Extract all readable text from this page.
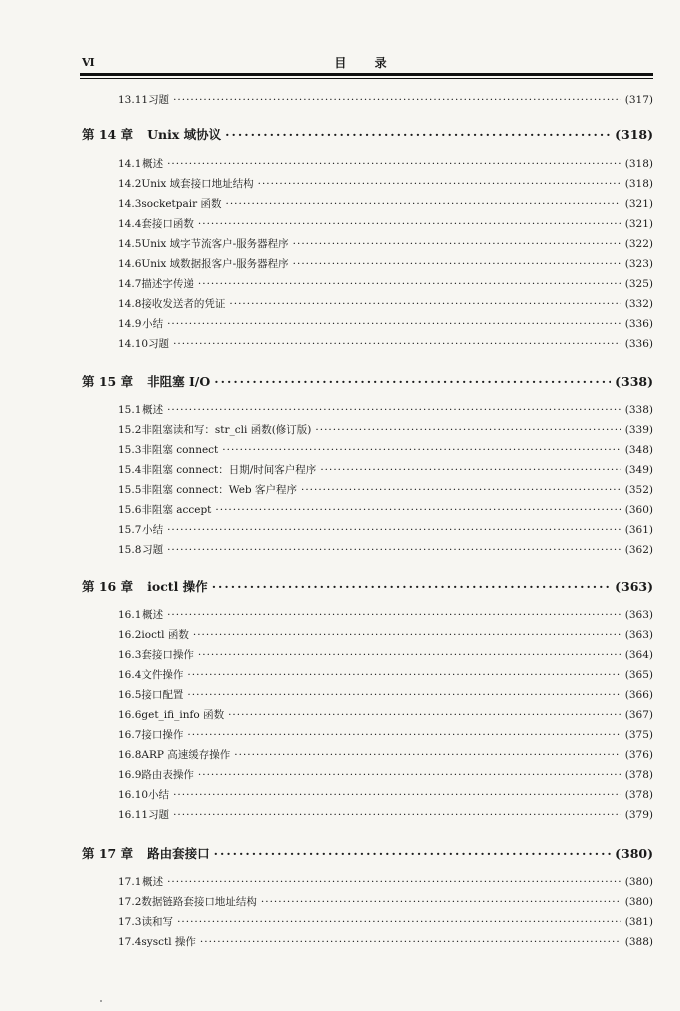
Ⅵ	目 录
13.11 习题 ·····	(317)
第 14 章 Unix 域协议 ·····	(318)
14.1 概述 ·····	(318)
14.2 Unix 域套接口地址结构 ·····	(318)
14.3 socketpair 函数 ·····	(321)
14.4 套接口函数 ·····	(321)
14.5 Unix 域字节流客户-服务器程序 ·····	(322)
14.6 Unix 域数据报客户-服务器程序 ·····	(323)
14.7 描述字传递 ·····	(325)
14.8 接收发送者的凭证 ·····	(332)
14.9 小结 ·····	(336)
14.10 习题 ·····	(336)
第 15 章 非阻塞 I/O ·····	(338)
15.1 概述 ·····	(338)
15.2 非阻塞读和写：str_cli 函数(修订版) ·····	(339)
15.3 非阻塞 connect ·····	(348)
15.4 非阻塞 connect：日期/时间客户程序 ·····	(349)
15.5 非阻塞 connect：Web 客户程序 ·····	(352)
15.6 非阻塞 accept ·····	(360)
15.7 小结 ·····	(361)
15.8 习题 ·····	(362)
第 16 章 ioctl 操作 ·····	(363)
16.1 概述 ·····	(363)
16.2 ioctl 函数 ·····	(363)
16.3 套接口操作 ·····	(364)
16.4 文件操作 ·····	(365)
16.5 接口配置 ·····	(366)
16.6 get_ifi_info 函数 ·····	(367)
16.7 接口操作 ·····	(375)
16.8 ARP 高速缓存操作 ·····	(376)
16.9 路由表操作 ·····	(378)
16.10 小结 ·····	(378)
16.11 习题 ·····	(379)
第 17 章 路由套接口 ·····	(380)
17.1 概述 ·····	(380)
17.2 数据链路套接口地址结构 ·····	(380)
17.3 读和写 ·····	(381)
17.4 sysctl 操作 ·····	(388)
